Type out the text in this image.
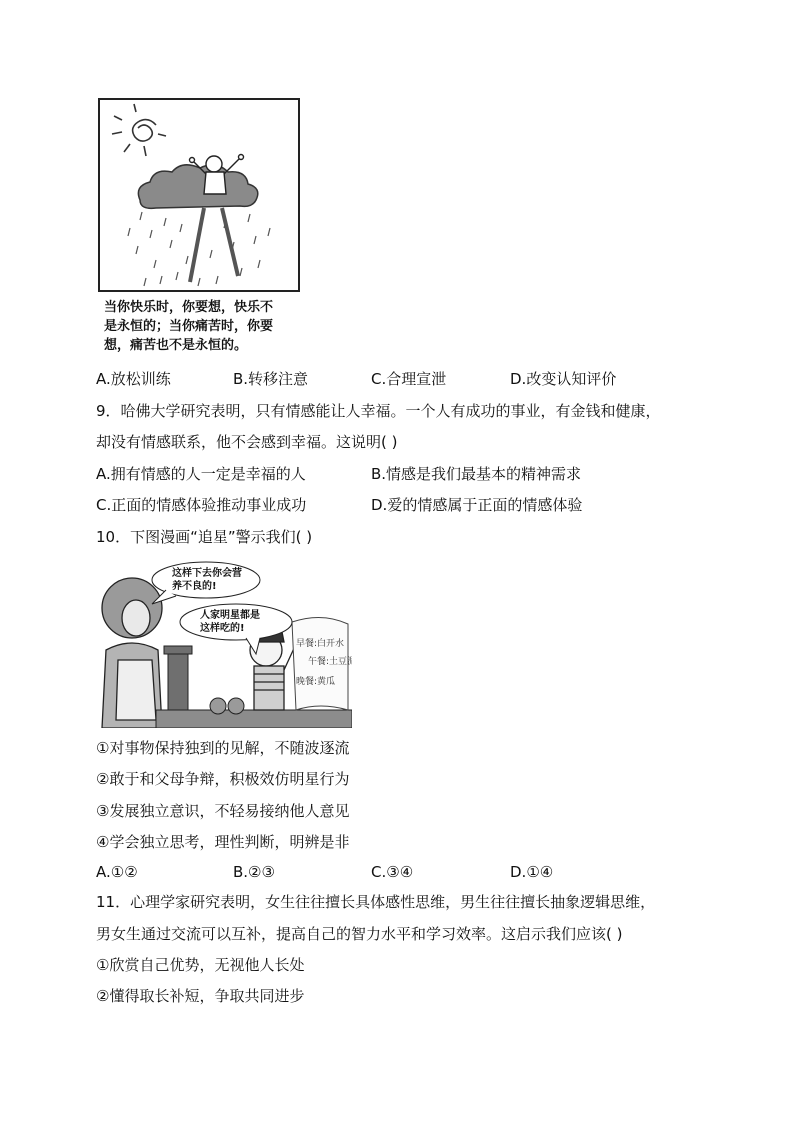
当你快乐时，你要想，快乐不
是永恒的；当你痛苦时，你要
想，痛苦也不是永恒的。
A.放松训练	B.转移注意	C.合理宣泄	D.改变认知评价
9．哈佛大学研究表明，只有情感能让人幸福。一个人有成功的事业，有金钱和健康，
却没有情感联系，他不会感到幸福。这说明( )
A.拥有情感的人一定是幸福的人	B.情感是我们最基本的精神需求
C.正面的情感体验推动事业成功	D.爱的情感属于正面的情感体验
10．下图漫画“追星”警示我们( )
早餐:白开水
午餐:土豆泥
晚餐:黄瓜
这样下去你会营
养不良的!
人家明星都是
这样吃的!
①对事物保持独到的见解，不随波逐流
②敢于和父母争辩，积极效仿明星行为
③发展独立意识，不轻易接纳他人意见
④学会独立思考，理性判断，明辨是非
A.①②	B.②③	C.③④	D.①④
11．心理学家研究表明，女生往往擅长具体感性思维，男生往往擅长抽象逻辑思维，
男女生通过交流可以互补，提高自己的智力水平和学习效率。这启示我们应该( )
①欣赏自己优势，无视他人长处
②懂得取长补短，争取共同进步
